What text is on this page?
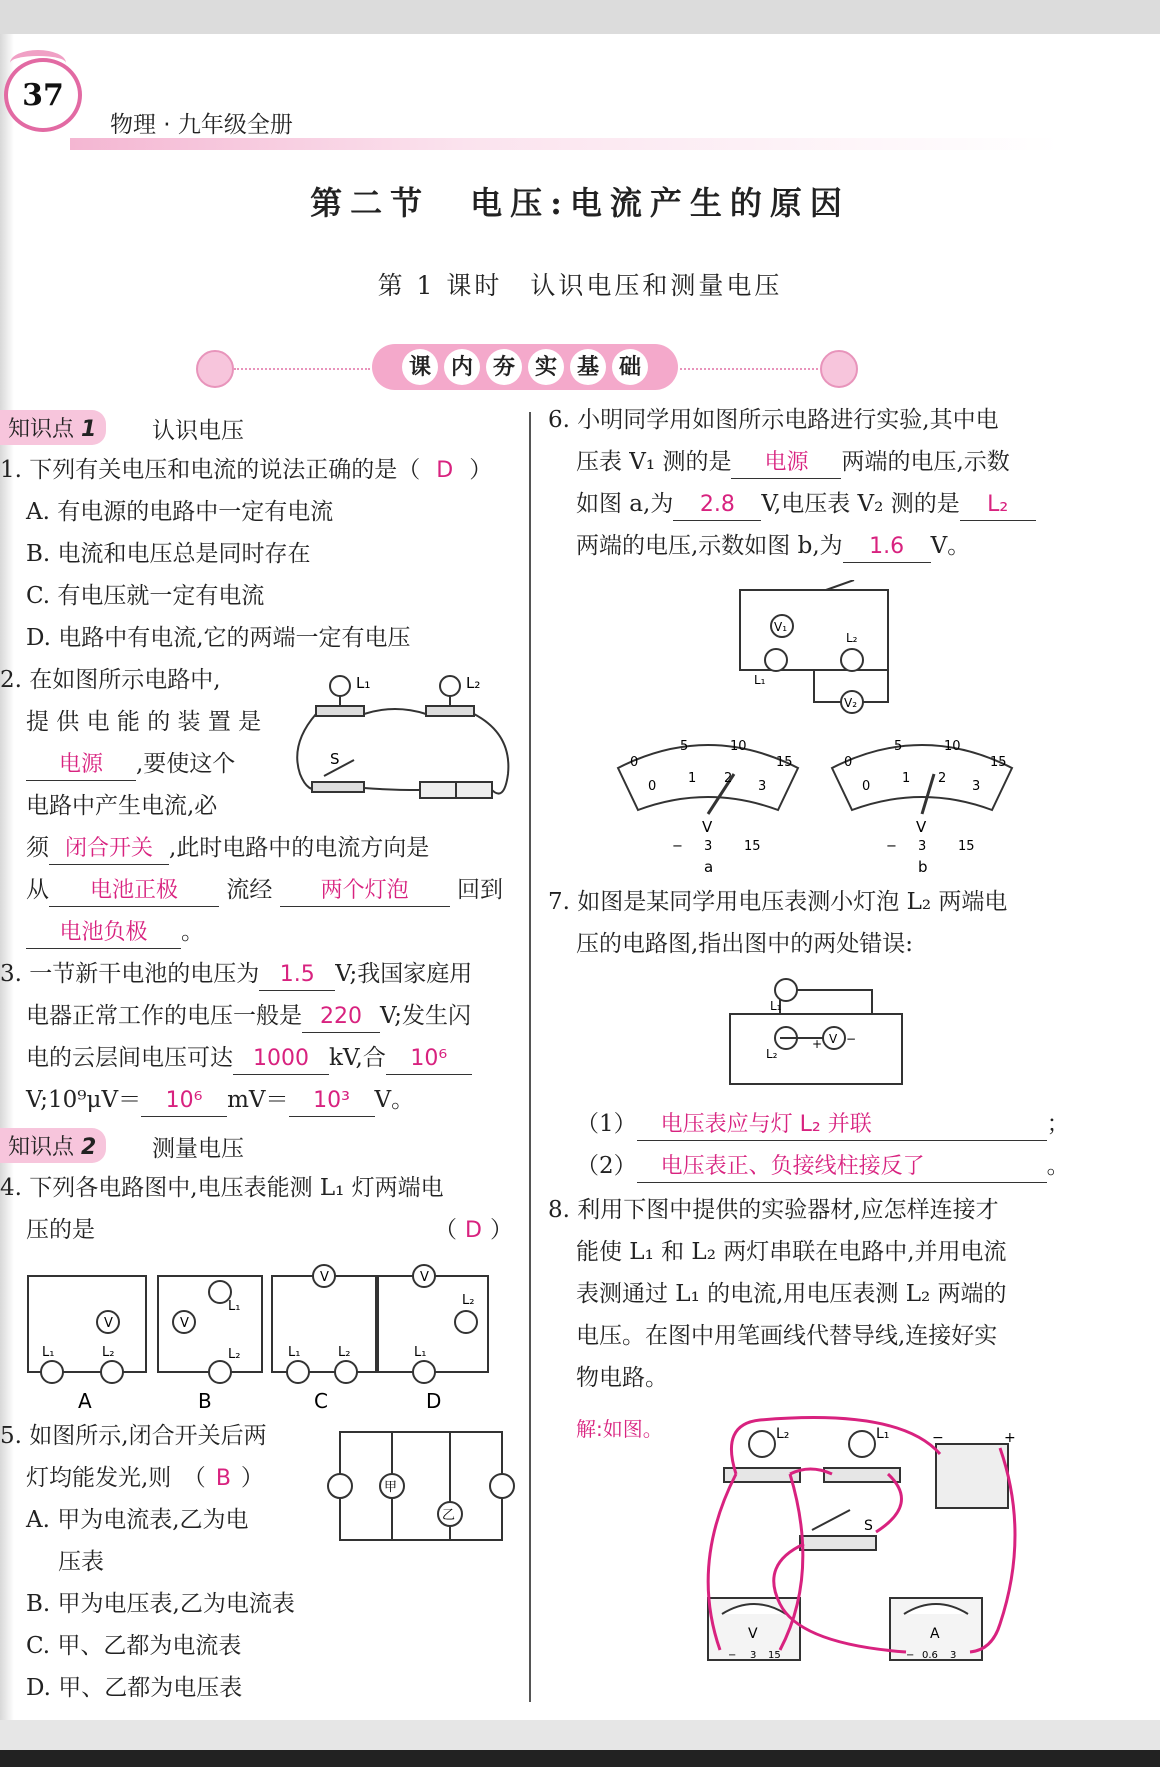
37
物理 · 九年级全册
第二节　电压:电流产生的原因
第 1 课时　认识电压和测量电压
课 内 夯 实 基 础
知识点 1	认识电压
1. 下列有关电压和电流的说法正确的是（ D ）
A. 有电源的电路中一定有电流
B. 电流和电压总是同时存在
C. 有电压就一定有电流
D. 电路中有电流,它的两端一定有电压
2. 在如图所示电路中,
提 供 电 能 的 装 置 是
电源 ,要使这个
电路中产生电流,必
须 闭合开关 ,此时电路中的电流方向是
从 电池正极 流经 两个灯泡 回到
电池负极 。
L₁	L₂
S
3. 一节新干电池的电压为 1.5 V;我国家庭用
电器正常工作的电压一般是 220 V;发生闪
电的云层间电压可达 1000 kV,合 10⁶
V;10⁹μV＝ 10⁶ mV＝ 10³ V。
知识点 2	测量电压
4. 下列各电路图中,电压表能测 L₁ 灯两端电
压的是	（ D ）
V	V
V	V
L₁	L₂
L₁
L₂	L₁	L₂	L₁
L₂
A	B	C	D
5. 如图所示,闭合开关后两
灯均能发光,则　（ B ）
A. 甲为电流表,乙为电
压表
B. 甲为电压表,乙为电流表
C. 甲、乙都为电流表
D. 甲、乙都为电压表
甲
乙
6. 小明同学用如图所示电路进行实验,其中电
压表 V₁ 测的是 电源 两端的电压,示数
如图 a,为 2.8 V,电压表 V₂ 测的是 L₂
两端的电压,示数如图 b,为 1.6 V。
V₁
V₂
L₁
L₂
0
5	10
15
0
1 2
3
0
5	10
15
0
1 2
3
V	V
− 3 15	− 3 15
a	b
7. 如图是某同学用电压表测小灯泡 L₂ 两端电
压的电路图,指出图中的两处错误:
L₁
L₂
V
+ −
（1） 电压表应与灯 L₂ 并联	；
（2） 电压表正、负接线柱接反了	。
8. 利用下图中提供的实验器材,应怎样连接才
能使 L₁ 和 L₂ 两灯串联在电路中,并用电流
表测通过 L₁ 的电流,用电压表测 L₂ 两端的
电压。在图中用笔画线代替导线,连接好实
物电路。
解:如图。	L₂	L₁
S
−	+
V	A
− 3 15	− 0.6 3
